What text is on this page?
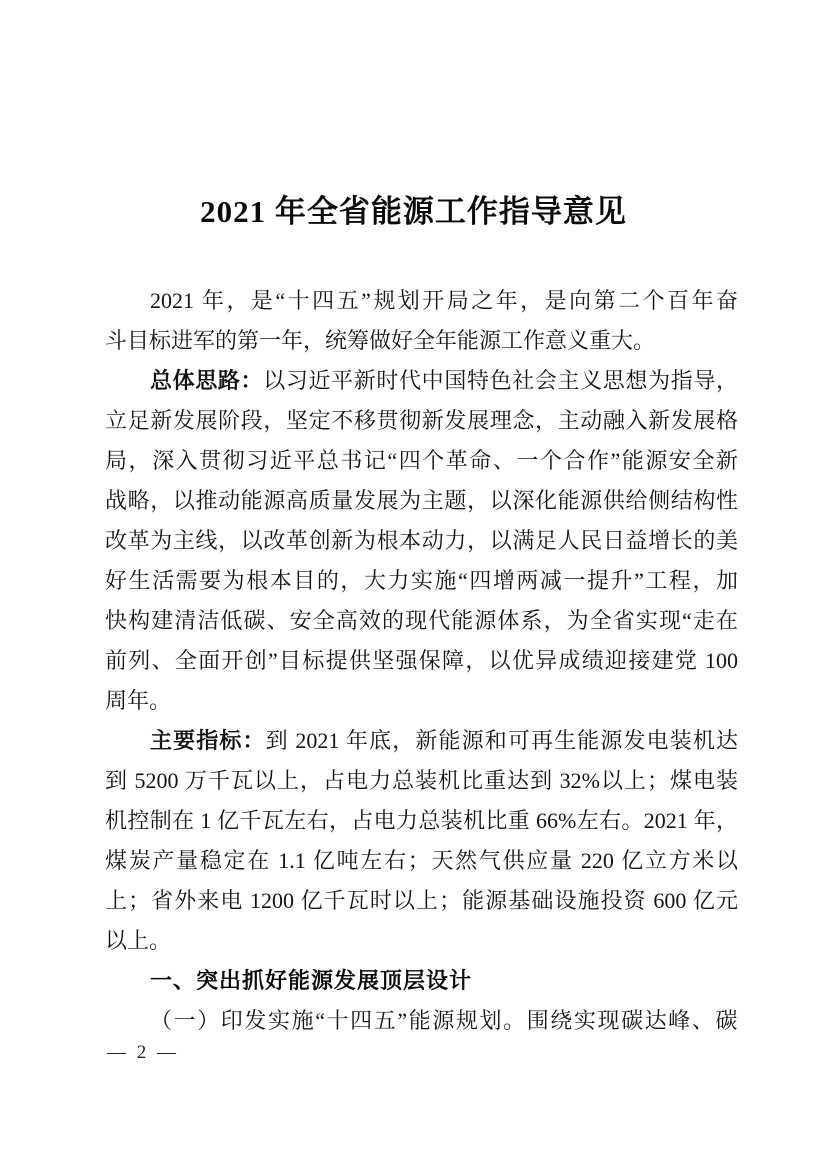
2021 年全省能源工作指导意见
2021 年，是“十四五”规划开局之年，是向第二个百年奋
斗目标进军的第一年，统筹做好全年能源工作意义重大。
总体思路：以习近平新时代中国特色社会主义思想为指导，
立足新发展阶段，坚定不移贯彻新发展理念，主动融入新发展格
局，深入贯彻习近平总书记“四个革命、一个合作”能源安全新
战略，以推动能源高质量发展为主题，以深化能源供给侧结构性
改革为主线，以改革创新为根本动力，以满足人民日益增长的美
好生活需要为根本目的，大力实施“四增两减一提升”工程，加
快构建清洁低碳、安全高效的现代能源体系，为全省实现“走在
前列、全面开创”目标提供坚强保障，以优异成绩迎接建党 100
周年。
主要指标：到 2021 年底，新能源和可再生能源发电装机达
到 5200 万千瓦以上，占电力总装机比重达到 32%以上；煤电装
机控制在 1 亿千瓦左右，占电力总装机比重 66%左右。2021 年，
煤炭产量稳定在 1.1 亿吨左右；天然气供应量 220 亿立方米以
上；省外来电 1200 亿千瓦时以上；能源基础设施投资 600 亿元
以上。
一、突出抓好能源发展顶层设计
（一）印发实施“十四五”能源规划。围绕实现碳达峰、碳
— 2 —
